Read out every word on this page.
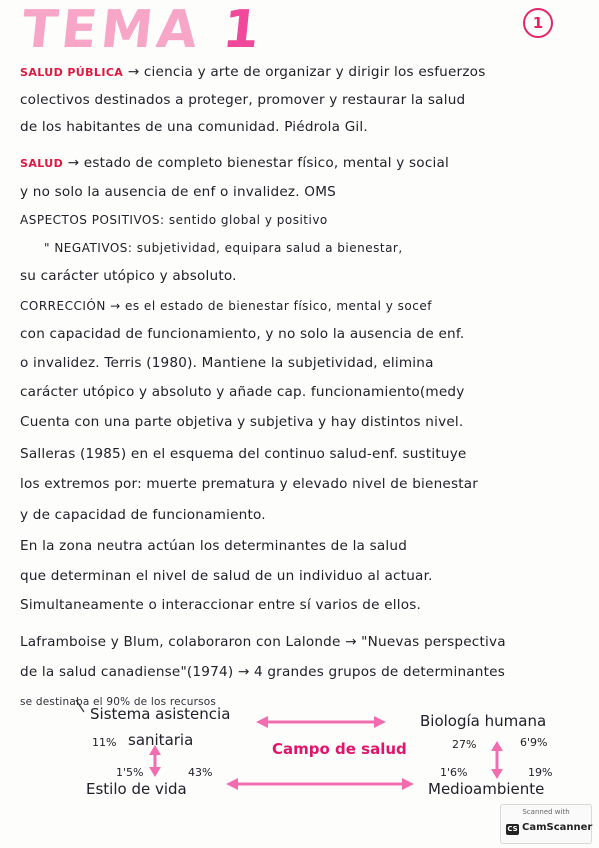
TEMA 1	1
SALUD PÚBLICA → ciencia y arte de organizar y dirigir los esfuerzos
colectivos destinados a proteger, promover y restaurar la salud
de los habitantes de una comunidad. Piédrola Gil.
SALUD → estado de completo bienestar físico, mental y social
y no solo la ausencia de enf o invalidez. OMS
ASPECTOS POSITIVOS: sentido global y positivo
" NEGATIVOS: subjetividad, equipara salud a bienestar,
su carácter utópico y absoluto.
CORRECCIÓN → es el estado de bienestar físico, mental y socef
con capacidad de funcionamiento, y no solo la ausencia de enf.
o invalidez. Terris (1980). Mantiene la subjetividad, elimina
carácter utópico y absoluto y añade cap. funcionamiento(medy
Cuenta con una parte objetiva y subjetiva y hay distintos nivel.
Salleras (1985) en el esquema del continuo salud-enf. sustituye
los extremos por: muerte prematura y elevado nivel de bienestar
y de capacidad de funcionamiento.
En la zona neutra actúan los determinantes de la salud
que determinan el nivel de salud de un individuo al actuar.
Simultaneamente o interaccionar entre sí varios de ellos.
Laframboise y Blum, colaboraron con Lalonde → "Nuevas perspectiva
de la salud canadiense"(1974) → 4 grandes grupos de determinantes
se destinaba el 90% de los recursos
Sistema asistencia
11% sanitaria
Biología humana
27%	6'9%
Campo de salud
1'5%	43%
Estilo de vida
1'6%	19%
Medioambiente
Scanned with
CS CamScanner
